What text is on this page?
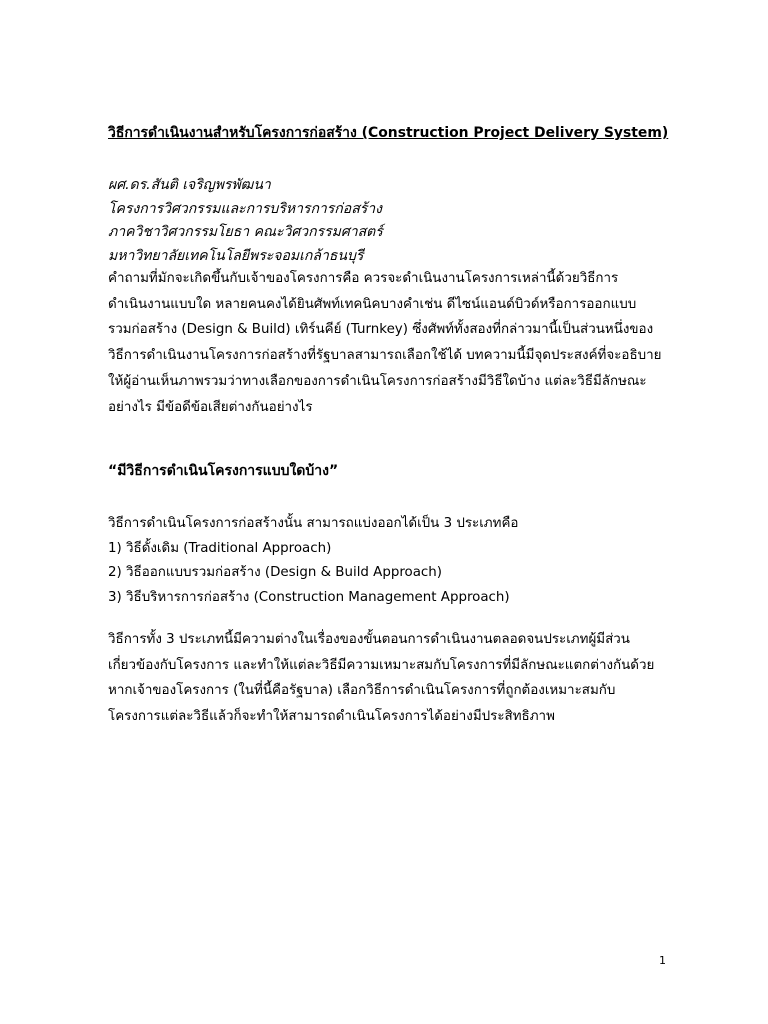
วิธีการดำเนินงานสำหรับโครงการก่อสร้าง (Construction Project Delivery System)
ผศ.ดร.สันติ เจริญพรพัฒนา
โครงการวิศวกรรมและการบริหารการก่อสร้าง
ภาควิชาวิศวกรรมโยธา คณะวิศวกรรมศาสตร์
มหาวิทยาลัยเทคโนโลยีพระจอมเกล้าธนบุรี
คำถามที่มักจะเกิดขึ้นกับเจ้าของโครงการคือ ควรจะดำเนินงานโครงการเหล่านี้ด้วยวิธีการ
ดำเนินงานแบบใด หลายคนคงได้ยินศัพท์เทคนิคบางคำเช่น ดีไซน์แอนด์บิวด์หรือการออกแบบ
รวมก่อสร้าง (Design & Build) เทิร์นคีย์ (Turnkey) ซึ่งศัพท์ทั้งสองที่กล่าวมานี้เป็นส่วนหนึ่งของ
วิธีการดำเนินงานโครงการก่อสร้างที่รัฐบาลสามารถเลือกใช้ได้ บทความนี้มีจุดประสงค์ที่จะอธิบาย
ให้ผู้อ่านเห็นภาพรวมว่าทางเลือกของการดำเนินโครงการก่อสร้างมีวิธีใดบ้าง แต่ละวิธีมีลักษณะ
อย่างไร มีข้อดีข้อเสียต่างกันอย่างไร
“มีวิธีการดำเนินโครงการแบบใดบ้าง”
วิธีการดำเนินโครงการก่อสร้างนั้น สามารถแบ่งออกได้เป็น 3 ประเภทคือ
1) วิธีดั้งเดิม (Traditional Approach)
2) วิธีออกแบบรวมก่อสร้าง (Design & Build Approach)
3) วิธีบริหารการก่อสร้าง (Construction Management Approach)
วิธีการทั้ง 3 ประเภทนี้มีความต่างในเรื่องของขั้นตอนการดำเนินงานตลอดจนประเภทผู้มีส่วน
เกี่ยวข้องกับโครงการ และทำให้แต่ละวิธีมีความเหมาะสมกับโครงการที่มีลักษณะแตกต่างกันด้วย
หากเจ้าของโครงการ (ในที่นี้คือรัฐบาล) เลือกวิธีการดำเนินโครงการที่ถูกต้องเหมาะสมกับ
โครงการแต่ละวิธีแล้วก็จะทำให้สามารถดำเนินโครงการได้อย่างมีประสิทธิภาพ
1
